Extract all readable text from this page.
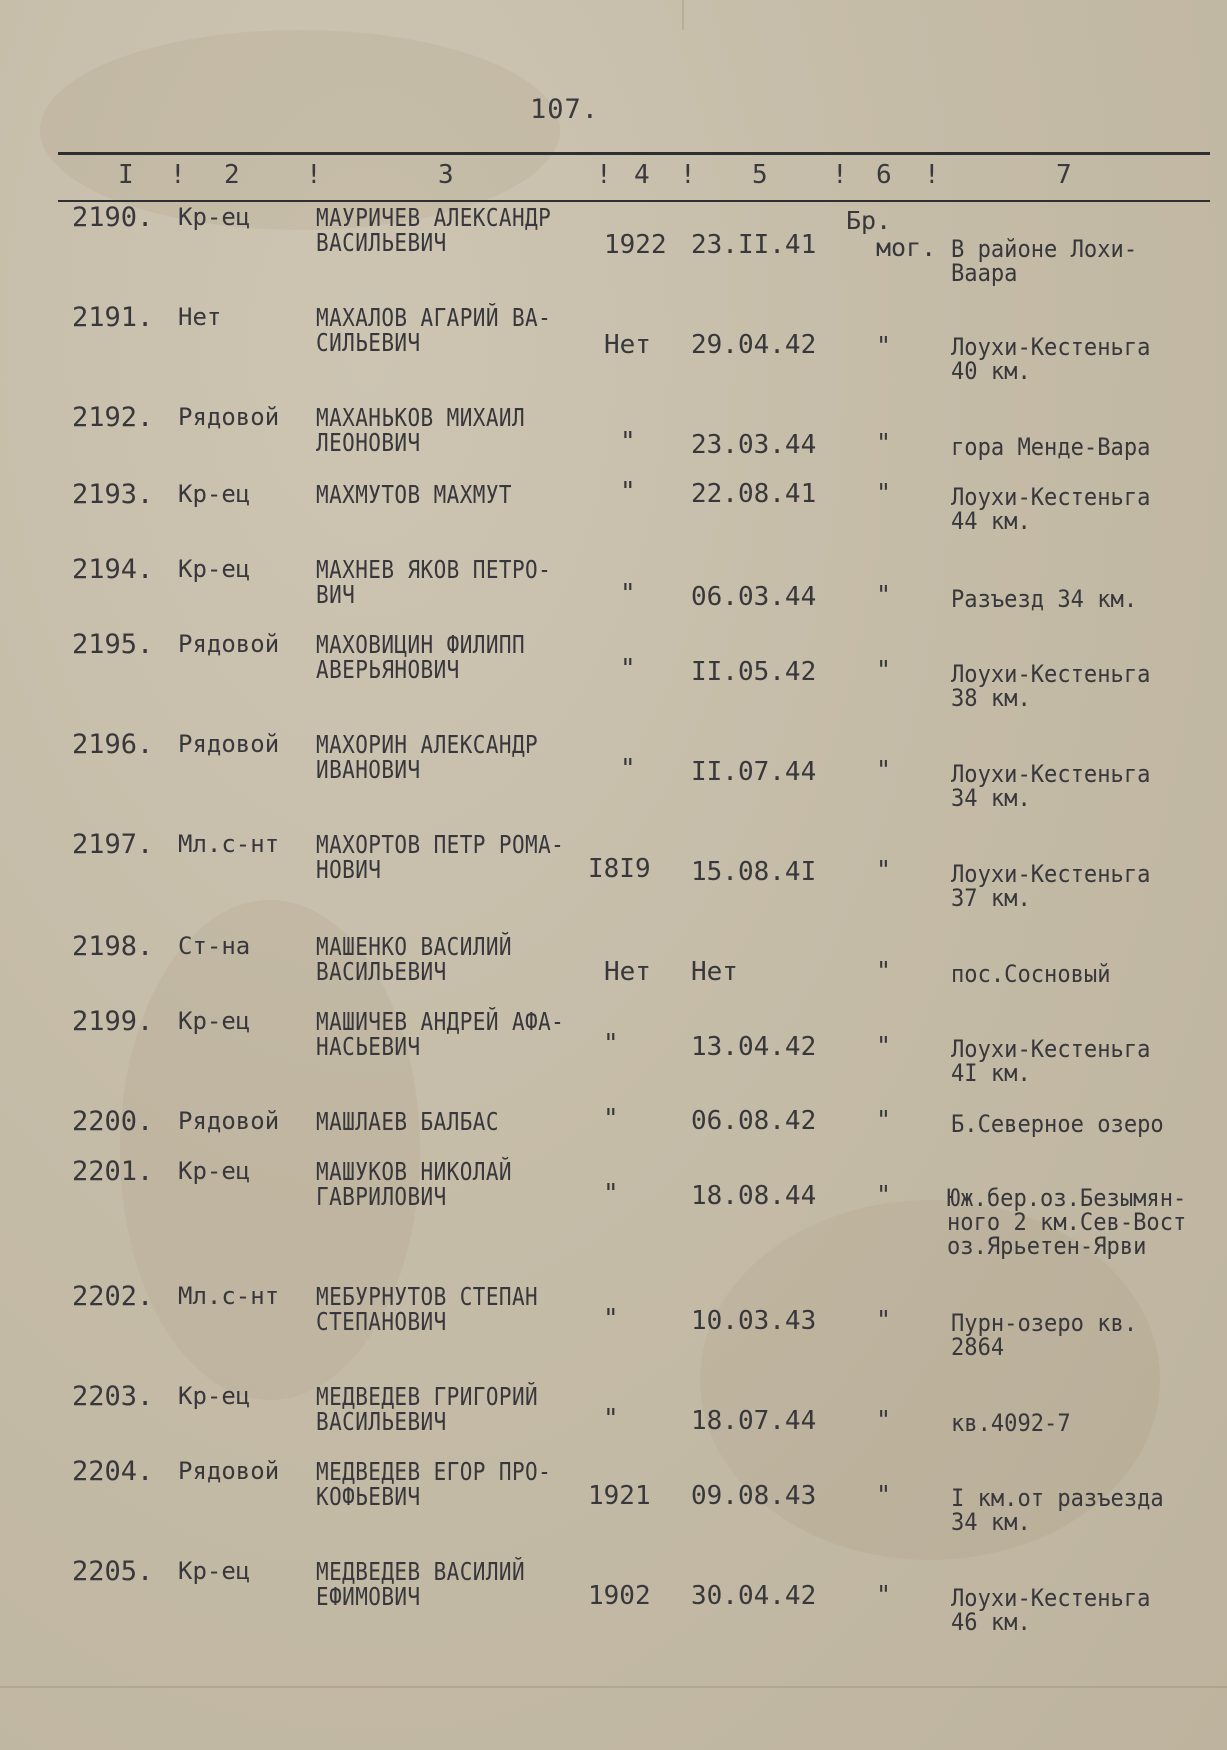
107.
I	2	3	4	5	6	7
!	!	!	!	!	!
2190. Кр-ец	МАУРИЧЕВ АЛЕКСАНДР
ВАСИЛЬЕВИЧ	1922 23.II.41
Бр.
мог. В районе Лохи-
Ваара
2191. Нет	МАХАЛОВ АГАРИЙ ВА-
СИЛЬЕВИЧ	Нет 29.04.42 " Лоухи-Кестеньга
40 км.
2192. Рядовой МАХАНЬКОВ МИХАИЛ
ЛЕОНОВИЧ	" 23.03.44 " гора Менде-Вара
2193. Кр-ец	МАХМУТОВ МАХМУТ	" 22.08.41 " Лоухи-Кестеньга
44 км.
2194. Кр-ец	МАХНЕВ ЯКОВ ПЕТРО-
ВИЧ	" 06.03.44 " Разъезд 34 км.
2195. Рядовой МАХОВИЦИН ФИЛИПП
АВЕРЬЯНОВИЧ	" II.05.42 " Лоухи-Кестеньга
38 км.
2196. Рядовой МАХОРИН АЛЕКСАНДР
ИВАНОВИЧ	" II.07.44 " Лоухи-Кестеньга
34 км.
2197. Мл.с-нт МАХОРТОВ ПЕТР РОМА-
НОВИЧ	I8I9 15.08.4I " Лоухи-Кестеньга
37 км.
2198. Ст-на	МАШЕНКО ВАСИЛИЙ
ВАСИЛЬЕВИЧ	Нет Нет	" пос.Сосновый
2199. Кр-ец	МАШИЧЕВ АНДРЕЙ АФА-
НАСЬЕВИЧ	"	13.04.42 " Лоухи-Кестеньга
4I км.
2200. Рядовой МАШЛАЕВ БАЛБАС	"	06.08.42 " Б.Северное озеро
2201. Кр-ец	МАШУКОВ НИКОЛАЙ
ГАВРИЛОВИЧ	"	18.08.44 " Юж.бер.оз.Безымян-
ного 2 км.Сев-Вост
оз.Ярьетен-Ярви
2202. Мл.с-нт МЕБУРНУТОВ СТЕПАН
СТЕПАНОВИЧ	"	10.03.43 " Пурн-озеро кв.
2864
2203. Кр-ец	МЕДВЕДЕВ ГРИГОРИЙ
ВАСИЛЬЕВИЧ	"	18.07.44 " кв.4092-7
2204. Рядовой МЕДВЕДЕВ ЕГОР ПРО-
КОФЬЕВИЧ	1921 09.08.43 " I км.от разъезда
34 км.
2205. Кр-ец	МЕДВЕДЕВ ВАСИЛИЙ
ЕФИМОВИЧ	1902 30.04.42 " Лоухи-Кестеньга
46 км.
